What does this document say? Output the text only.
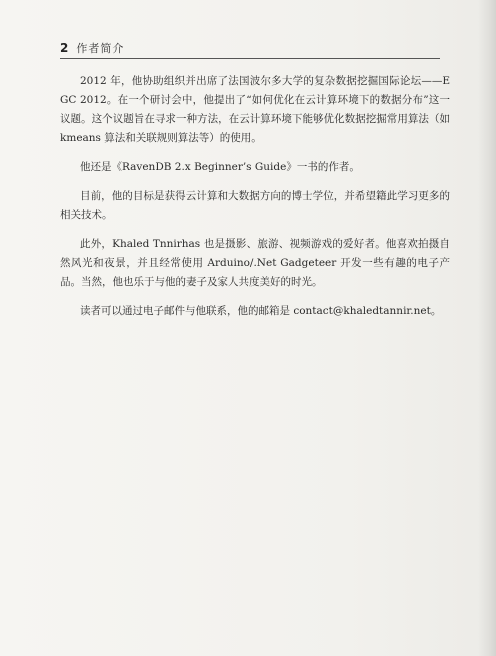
2 作者简介

2012 年，他协助组织并出席了法国波尔多大学的复杂数据挖掘国际论坛——EGC 2012。在一个研讨会中，他提出了“如何优化在云计算环境下的数据分布”这一议题。这个议题旨在寻求一种方法，在云计算环境下能够优化数据挖掘常用算法（如 kmeans 算法和关联规则算法等）的使用。

他还是《RavenDB 2.x Beginner’s Guide》一书的作者。

目前，他的目标是获得云计算和大数据方向的博士学位，并希望籍此学习更多的相关技术。

此外，Khaled Tnnirhas 也是摄影、旅游、视频游戏的爱好者。他喜欢拍摄自然风光和夜景，并且经常使用 Arduino/.Net Gadgeteer 开发一些有趣的电子产品。当然，他也乐于与他的妻子及家人共度美好的时光。

读者可以通过电子邮件与他联系，他的邮箱是 contact@khaledtannir.net。
